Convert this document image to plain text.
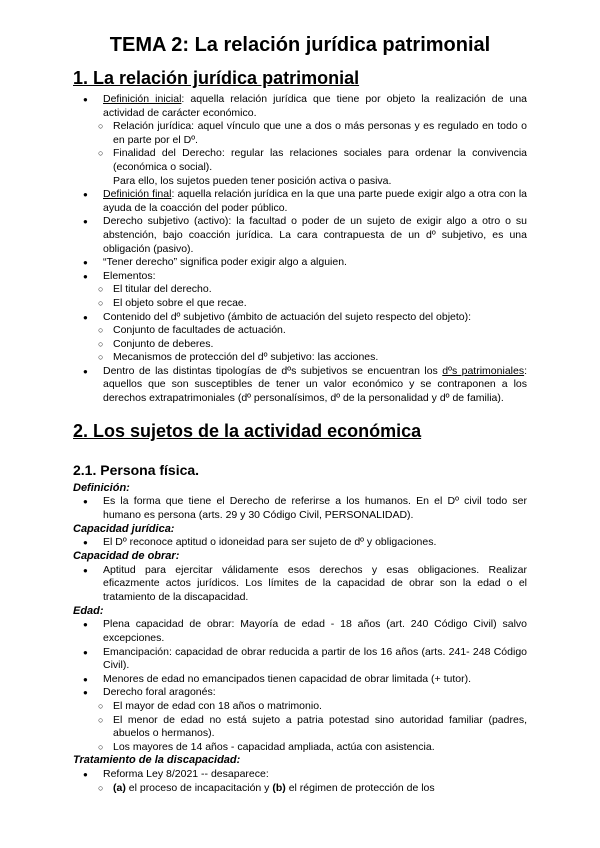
TEMA 2: La relación jurídica patrimonial
1. La relación jurídica patrimonial
● Definición inicial: aquella relación jurídica que tiene por objeto la realización de una actividad de carácter económico.
○ Relación jurídica: aquel vínculo que une a dos o más personas y es regulado en todo o en parte por el Dº.
○ Finalidad del Derecho: regular las relaciones sociales para ordenar la convivencia (económica o social).
Para ello, los sujetos pueden tener posición activa o pasiva.
● Definición final: aquella relación jurídica en la que una parte puede exigir algo a otra con la ayuda de la coacción del poder público.
● Derecho subjetivo (activo): la facultad o poder de un sujeto de exigir algo a otro o su abstención, bajo coacción jurídica. La cara contrapuesta de un dº subjetivo, es una obligación (pasivo).
● “Tener derecho” significa poder exigir algo a alguien.
● Elementos:
○ El titular del derecho.
○ El objeto sobre el que recae.
● Contenido del dº subjetivo (ámbito de actuación del sujeto respecto del objeto):
○ Conjunto de facultades de actuación.
○ Conjunto de deberes.
○ Mecanismos de protección del dº subjetivo: las acciones.
● Dentro de las distintas tipologías de dºs subjetivos se encuentran los dºs patrimoniales: aquellos que son susceptibles de tener un valor económico y se contraponen a los derechos extrapatrimoniales (dº personalísimos, dº de la personalidad y dº de familia).
2. Los sujetos de la actividad económica
2.1. Persona física.
Definición:
● Es la forma que tiene el Derecho de referirse a los humanos. En el Dº civil todo ser humano es persona (arts. 29 y 30 Código Civil, PERSONALIDAD).
Capacidad jurídica:
● El Dº reconoce aptitud o idoneidad para ser sujeto de dº y obligaciones.
Capacidad de obrar:
● Aptitud para ejercitar válidamente esos derechos y esas obligaciones. Realizar eficazmente actos jurídicos. Los límites de la capacidad de obrar son la edad o el tratamiento de la discapacidad.
Edad:
● Plena capacidad de obrar: Mayoría de edad - 18 años (art. 240 Código Civil) salvo excepciones.
● Emancipación: capacidad de obrar reducida a partir de los 16 años (arts. 241- 248 Código Civil).
● Menores de edad no emancipados tienen capacidad de obrar limitada (+ tutor).
● Derecho foral aragonés:
○ El mayor de edad con 18 años o matrimonio.
○ El menor de edad no está sujeto a patria potestad sino autoridad familiar (padres, abuelos o hermanos).
○ Los mayores de 14 años - capacidad ampliada, actúa con asistencia.
Tratamiento de la discapacidad:
● Reforma Ley 8/2021 -- desaparece:
○ (a) el proceso de incapacitación y (b) el régimen de protección de los
